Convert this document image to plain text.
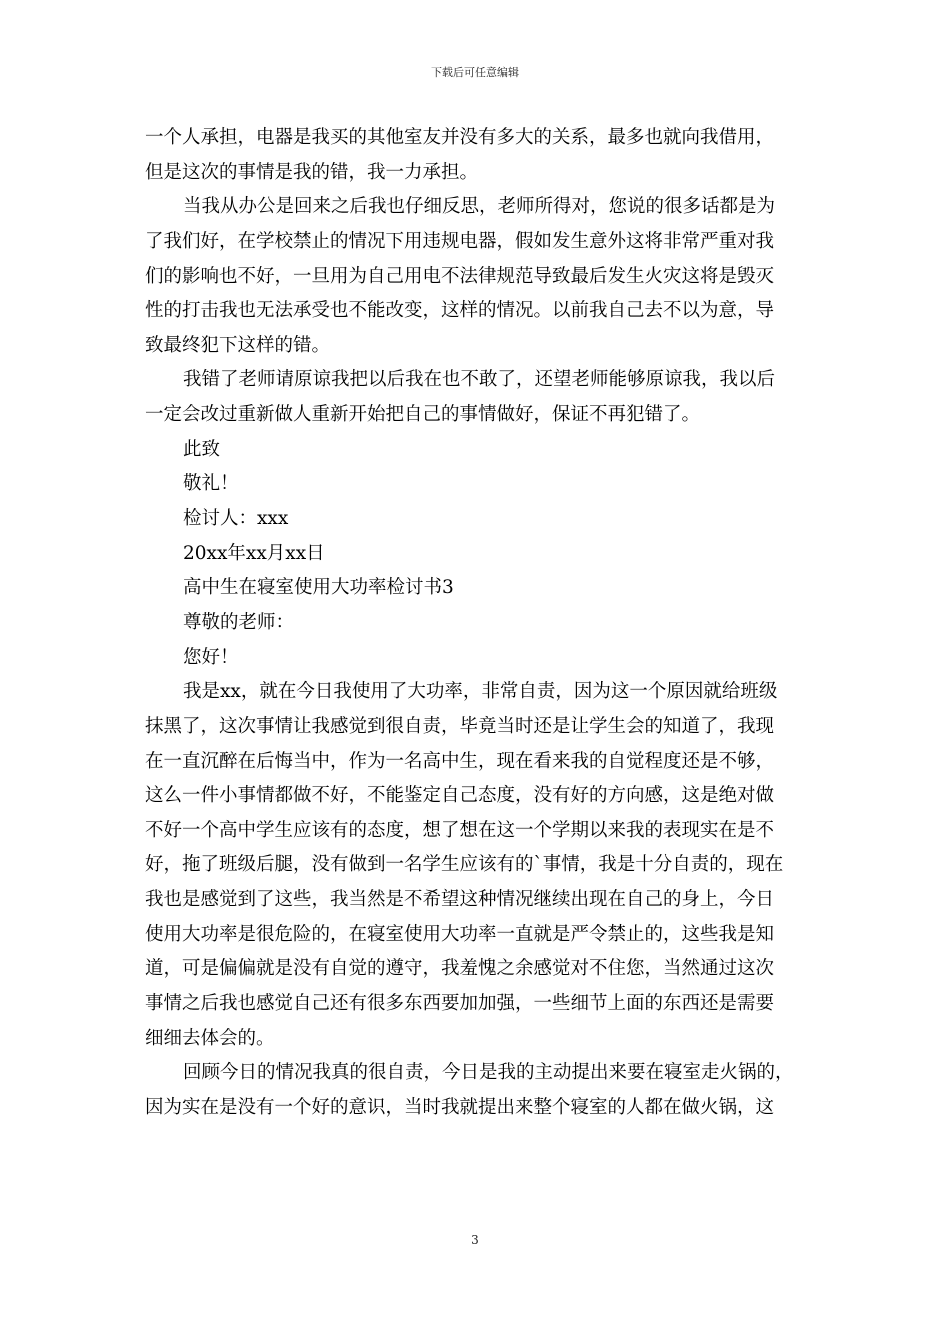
下载后可任意编辑
一个人承担，电器是我买的其他室友并没有多大的关系，最多也就向我借用，
但是这次的事情是我的错，我一力承担。
当我从办公是回来之后我也仔细反思，老师所得对，您说的很多话都是为
了我们好，在学校禁止的情况下用违规电器，假如发生意外这将非常严重对我
们的影响也不好，一旦用为自己用电不法律规范导致最后发生火灾这将是毁灭
性的打击我也无法承受也不能改变，这样的情况。以前我自己去不以为意，导
致最终犯下这样的错。
我错了老师请原谅我把以后我在也不敢了，还望老师能够原谅我，我以后
一定会改过重新做人重新开始把自己的事情做好，保证不再犯错了。
此致
敬礼！
检讨人：xxx
20xx年xx月xx日
高中生在寝室使用大功率检讨书3
尊敬的老师：
您好！
我是xx，就在今日我使用了大功率，非常自责，因为这一个原因就给班级
抹黑了，这次事情让我感觉到很自责，毕竟当时还是让学生会的知道了，我现
在一直沉醉在后悔当中，作为一名高中生，现在看来我的自觉程度还是不够，
这么一件小事情都做不好，不能鉴定自己态度，没有好的方向感，这是绝对做
不好一个高中学生应该有的态度，想了想在这一个学期以来我的表现实在是不
好，拖了班级后腿，没有做到一名学生应该有的`事情，我是十分自责的，现在
我也是感觉到了这些，我当然是不希望这种情况继续出现在自己的身上，今日
使用大功率是很危险的，在寝室使用大功率一直就是严令禁止的，这些我是知
道，可是偏偏就是没有自觉的遵守，我羞愧之余感觉对不住您，当然通过这次
事情之后我也感觉自己还有很多东西要加加强，一些细节上面的东西还是需要
细细去体会的。
回顾今日的情况我真的很自责，今日是我的主动提出来要在寝室走火锅的，
因为实在是没有一个好的意识，当时我就提出来整个寝室的人都在做火锅，这
3
